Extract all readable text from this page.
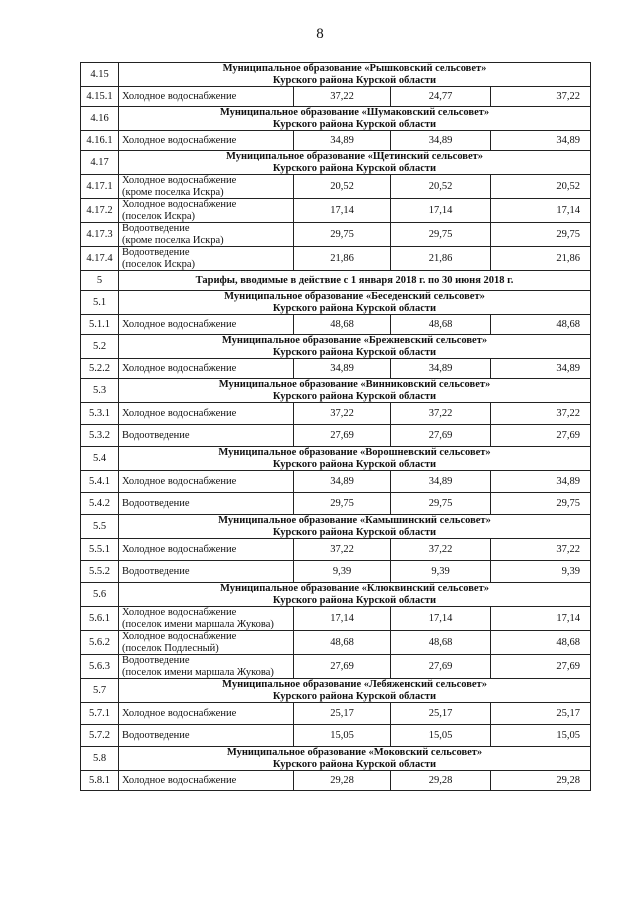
8
4.15	Муниципальное образование «Рышковский сельсовет»
Курского района Курской области			

4.15.1	Холодное водоснабжение	37,22	24,77	37,22
4.16	Муниципальное образование «Шумаковский сельсовет»
Курского района Курской области			

4.16.1	Холодное водоснабжение	34,89	34,89	34,89
4.17	Муниципальное образование «Щетинский сельсовет»
Курского района Курской области			

4.17.1	Холодное водоснабжение
(кроме поселка Искра)	20,52	20,52	20,52
4.17.2	Холодное водоснабжение
(поселок Искра)	17,14	17,14	17,14
4.17.3	Водоотведение
(кроме поселка Искра)	29,75	29,75	29,75
4.17.4	Водоотведение
(поселок Искра)	21,86	21,86	21,86
5	Тарифы, вводимые в действие с 1 января 2018 г. по 30 июня 2018 г.			
5.1	Муниципальное образование «Беседенский сельсовет»
Курского района Курской области			

5.1.1	Холодное водоснабжение	48,68	48,68	48,68
5.2	Муниципальное образование «Брежневский сельсовет»
Курского района Курской области			

5.2.2	Холодное водоснабжение	34,89	34,89	34,89
5.3	Муниципальное образование «Винниковский сельсовет»
Курского района Курской области			

5.3.1	Холодное водоснабжение	37,22	37,22	37,22
5.3.2	Водоотведение	27,69	27,69	27,69
5.4	Муниципальное образование «Ворошневский сельсовет»
Курского района Курской области			

5.4.1	Холодное водоснабжение	34,89	34,89	34,89
5.4.2	Водоотведение	29,75	29,75	29,75
5.5	Муниципальное образование «Камышинский сельсовет»
Курского района Курской области			

5.5.1	Холодное водоснабжение	37,22	37,22	37,22
5.5.2	Водоотведение	9,39	9,39	9,39
5.6	Муниципальное образование «Клюквинский сельсовет»
Курского района Курской области			

5.6.1	Холодное водоснабжение
(поселок имени маршала Жукова)	17,14	17,14	17,14
5.6.2	Холодное водоснабжение
(поселок Подлесный)	48,68	48,68	48,68
5.6.3	Водоотведение
(поселок имени маршала Жукова)	27,69	27,69	27,69
5.7	Муниципальное образование «Лебяженский сельсовет»
Курского района Курской области			

5.7.1	Холодное водоснабжение	25,17	25,17	25,17
5.7.2	Водоотведение	15,05	15,05	15,05
5.8	Муниципальное образование «Моковский сельсовет»
Курского района Курской области			

5.8.1	Холодное водоснабжение	29,28	29,28	29,28
